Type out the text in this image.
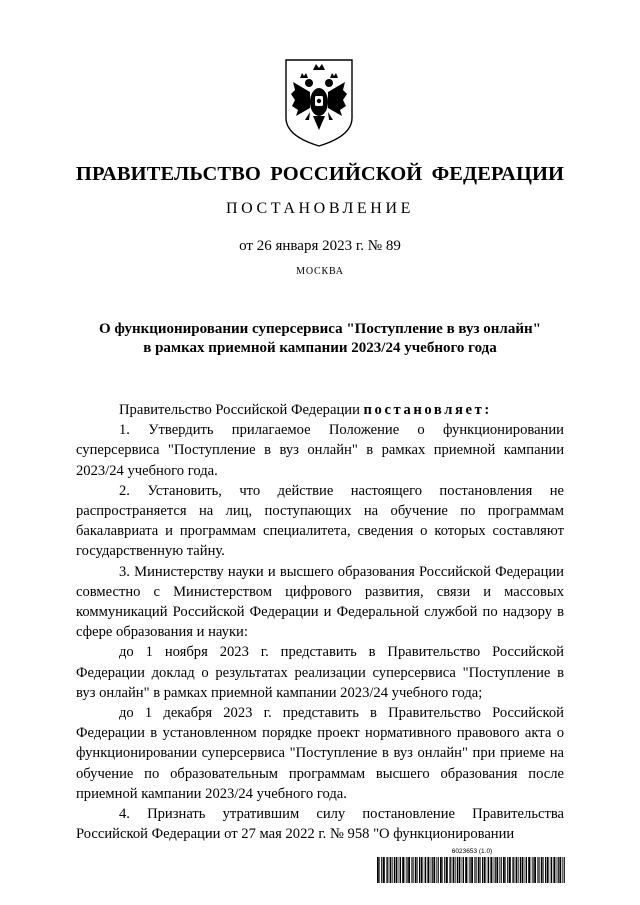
ПРАВИТЕЛЬСТВО РОССИЙСКОЙ ФЕДЕРАЦИИ
ПОСТАНОВЛЕНИЕ
от 26 января 2023 г. № 89
МОСКВА
О функционировании суперсервиса "Поступление в вуз онлайн"
в рамках приемной кампании 2023/24 учебного года

Правительство Российской Федерации постановляет:

1. Утвердить прилагаемое Положение о функционировании суперсервиса "Поступление в вуз онлайн" в рамках приемной кампании 2023/24 учебного года.

2. Установить, что действие настоящего постановления не распространяется на лиц, поступающих на обучение по программам бакалавриата и программам специалитета, сведения о которых составляют государственную тайну.

3. Министерству науки и высшего образования Российской Федерации совместно с Министерством цифрового развития, связи и массовых коммуникаций Российской Федерации и Федеральной службой по надзору в сфере образования и науки:

до 1 ноября 2023 г. представить в Правительство Российской Федерации доклад о результатах реализации суперсервиса "Поступление в вуз онлайн" в рамках приемной кампании 2023/24 учебного года;

до 1 декабря 2023 г. представить в Правительство Российской Федерации в установленном порядке проект нормативного правового акта о функционировании суперсервиса "Поступление в вуз онлайн" при приеме на обучение по образовательным программам высшего образования после приемной кампании 2023/24 учебного года.

4. Признать утратившим силу постановление Правительства Российской Федерации от 27 мая 2022 г. № 958 "О функционировании

6023653 (1.0)
